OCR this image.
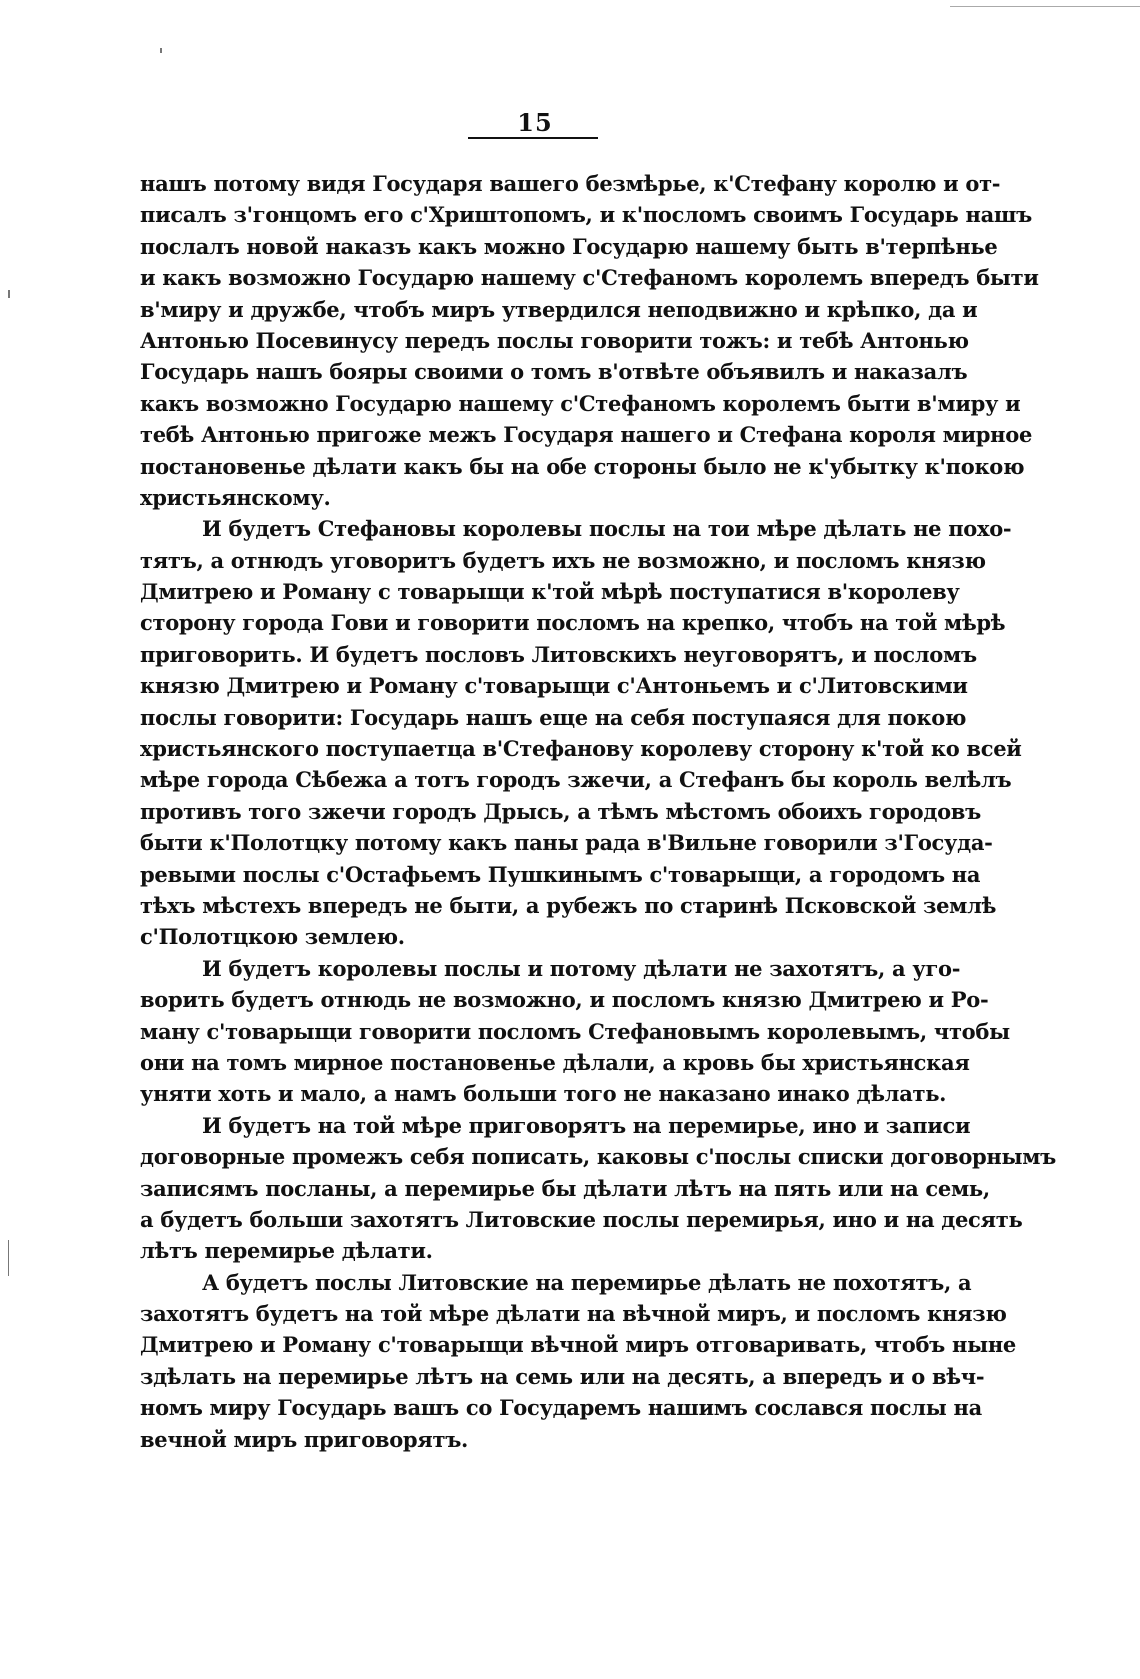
15
нашъ потому видя Государя вашего безмѣрье, к'Стефану королю и от-
писалъ з'гонцомъ его с'Хриштопомъ, и к'посломъ своимъ Государь нашъ
послалъ новой наказъ какъ можно Государю нашему быть в'терпѣнье
и какъ возможно Государю нашему с'Стефаномъ королемъ впередъ быти
в'миру и дружбе, чтобъ миръ утвердился неподвижно и крѣпко, да и
Антонью Посевинусу передъ послы говорити тожъ: и тебѣ Антонью
Государь нашъ бояры своими о томъ в'отвѣте объявилъ и наказалъ
какъ возможно Государю нашему с'Стефаномъ королемъ быти в'миру и
тебѣ Антонью пригоже межъ Государя нашего и Стефана короля мирное
постановенье дѣлати какъ бы на обе стороны было не к'убытку к'покою
христьянскому.
И будетъ Стефановы королевы послы на тои мѣре дѣлать не похо-
тятъ, а отнюдъ уговоритъ будетъ ихъ не возможно, и посломъ князю
Дмитрею и Роману с товарыщи к'той мѣрѣ поступатися в'королеву
сторону города Гови и говорити посломъ на крепко, чтобъ на той мѣрѣ
приговорить. И будетъ пословъ Литовскихъ неуговорятъ, и посломъ
князю Дмитрею и Роману с'товарыщи с'Антоньемъ и с'Литовскими
послы говорити: Государь нашъ еще на себя поступаяся для покою
христьянского поступаетца в'Стефанову королеву сторону к'той ко всей
мѣре города Сѣбежа а тотъ городъ зжечи, а Стефанъ бы король велѣлъ
противъ того зжечи городъ Дрысь, а тѣмъ мѣстомъ обоихъ городовъ
быти к'Полотцку потому какъ паны рада в'Вильне говорили з'Госуда-
ревыми послы с'Остафьемъ Пушкинымъ с'товарыщи, а городомъ на
тѣхъ мѣстехъ впередъ не быти, а рубежъ по старинѣ Псковской землѣ
с'Полотцкою землею.
И будетъ королевы послы и потому дѣлати не захотятъ, а уго-
ворить будетъ отнюдь не возможно, и посломъ князю Дмитрею и Ро-
ману с'товарыщи говорити посломъ Стефановымъ королевымъ, чтобы
они на томъ мирное постановенье дѣлали, а кровь бы христьянская
уняти хоть и мало, а намъ больши того не наказано инако дѣлать.
И будетъ на той мѣре приговорятъ на перемирье, ино и записи
договорные промежъ себя пописать, каковы с'послы списки договорнымъ
записямъ посланы, а перемирье бы дѣлати лѣтъ на пять или на семь,
а будетъ больши захотятъ Литовские послы перемирья, ино и на десять
лѣтъ перемирье дѣлати.
А будетъ послы Литовские на перемирье дѣлать не похотятъ, а
захотятъ будетъ на той мѣре дѣлати на вѣчной миръ, и посломъ князю
Дмитрею и Роману с'товарыщи вѣчной миръ отговаривать, чтобъ ныне
здѣлать на перемирье лѣтъ на семь или на десять, а впередъ и о вѣч-
номъ миру Государь вашъ со Государемъ нашимъ сослався послы на
вечной миръ приговорятъ.
